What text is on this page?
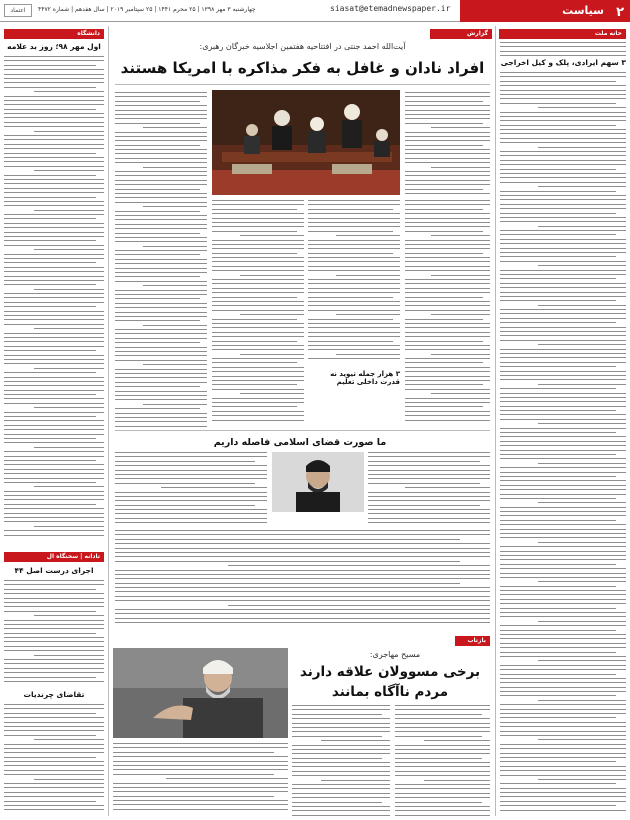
سیاست ۲
siasat@etemadnewspaper.ir
چهارشنبه ۳ مهر ۱۳۹۸ | ۲۵ محرم ۱۴۴۱ | ۲۵ سپتامبر ۲۰۱۹ | سال هفدهم | شماره ۴۴۷۲
اعتماد
خانه ملت
۳ سهم ایرادی، پلک و کیل اخراجی
گزارش
آیت‌الله احمد جنتی در افتتاحیه هفتمین اجلاسیه خبرگان رهبری:
افراد نادان و غافل به فکر مذاکره با امریکا هستند
۳ هزار جمله تیوید نه قدرت داخلی تعلیم
ما صورت قضای اسلامی فاصله داریم
بازتاب
مسیح مهاجری:
برخی مسوولان علاقه دارند
مردم ناآگاه بمانند
دانشگاه
اول مهر ۹۸؛ روز بد علامه
تادانه | سخنگاه ال
اجرای درست اصل ۴۴
تقاضای چرندیات
